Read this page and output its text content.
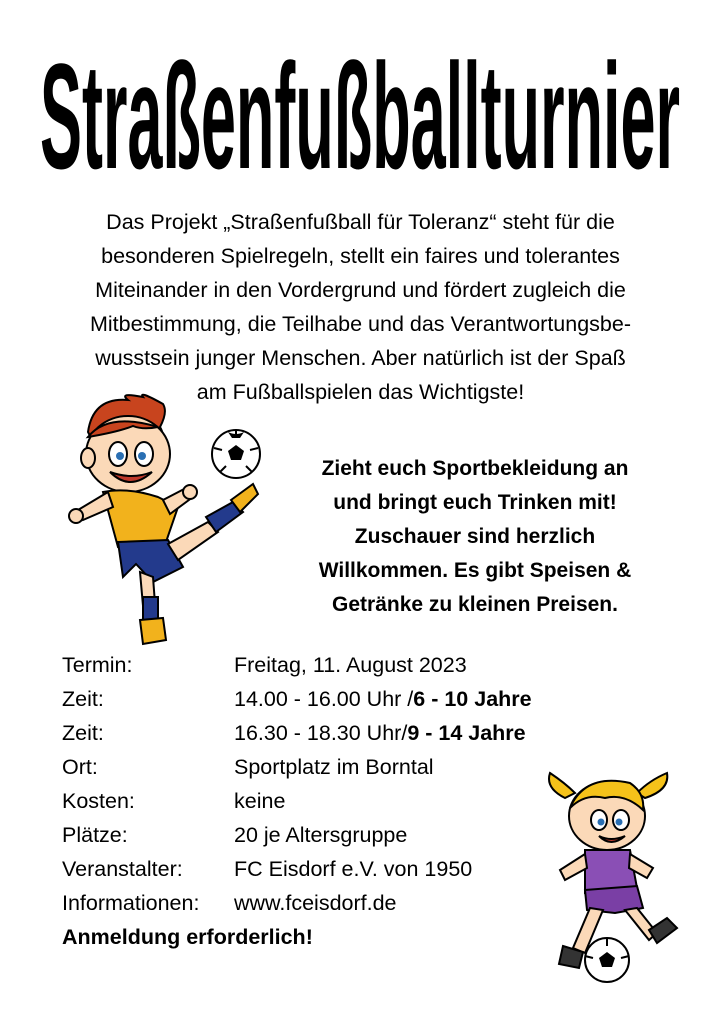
Straßenfußballturnier
Das Projekt „Straßenfußball für Toleranz“ steht für die
besonderen Spielregeln, stellt ein faires und tolerantes
Miteinander in den Vordergrund und fördert zugleich die
Mitbestimmung, die Teilhabe und das Verantwortungsbe-
wusstsein junger Menschen. Aber natürlich ist der Spaß
am Fußballspielen das Wichtigste!
Zieht euch Sportbekleidung an
und bringt euch Trinken mit!
Zuschauer sind herzlich
Willkommen. Es gibt Speisen &
Getränke zu kleinen Preisen.
Termin:	Freitag, 11. August 2023
Zeit:	14.00 - 16.00 Uhr /6 - 10 Jahre
Zeit:	16.30 - 18.30 Uhr/9 - 14 Jahre
Ort:	Sportplatz im Borntal
Kosten:	keine
Plätze:	20 je Altersgruppe
Veranstalter: FC Eisdorf e.V. von 1950
Informationen: www.fceisdorf.de
Anmeldung erforderlich!
